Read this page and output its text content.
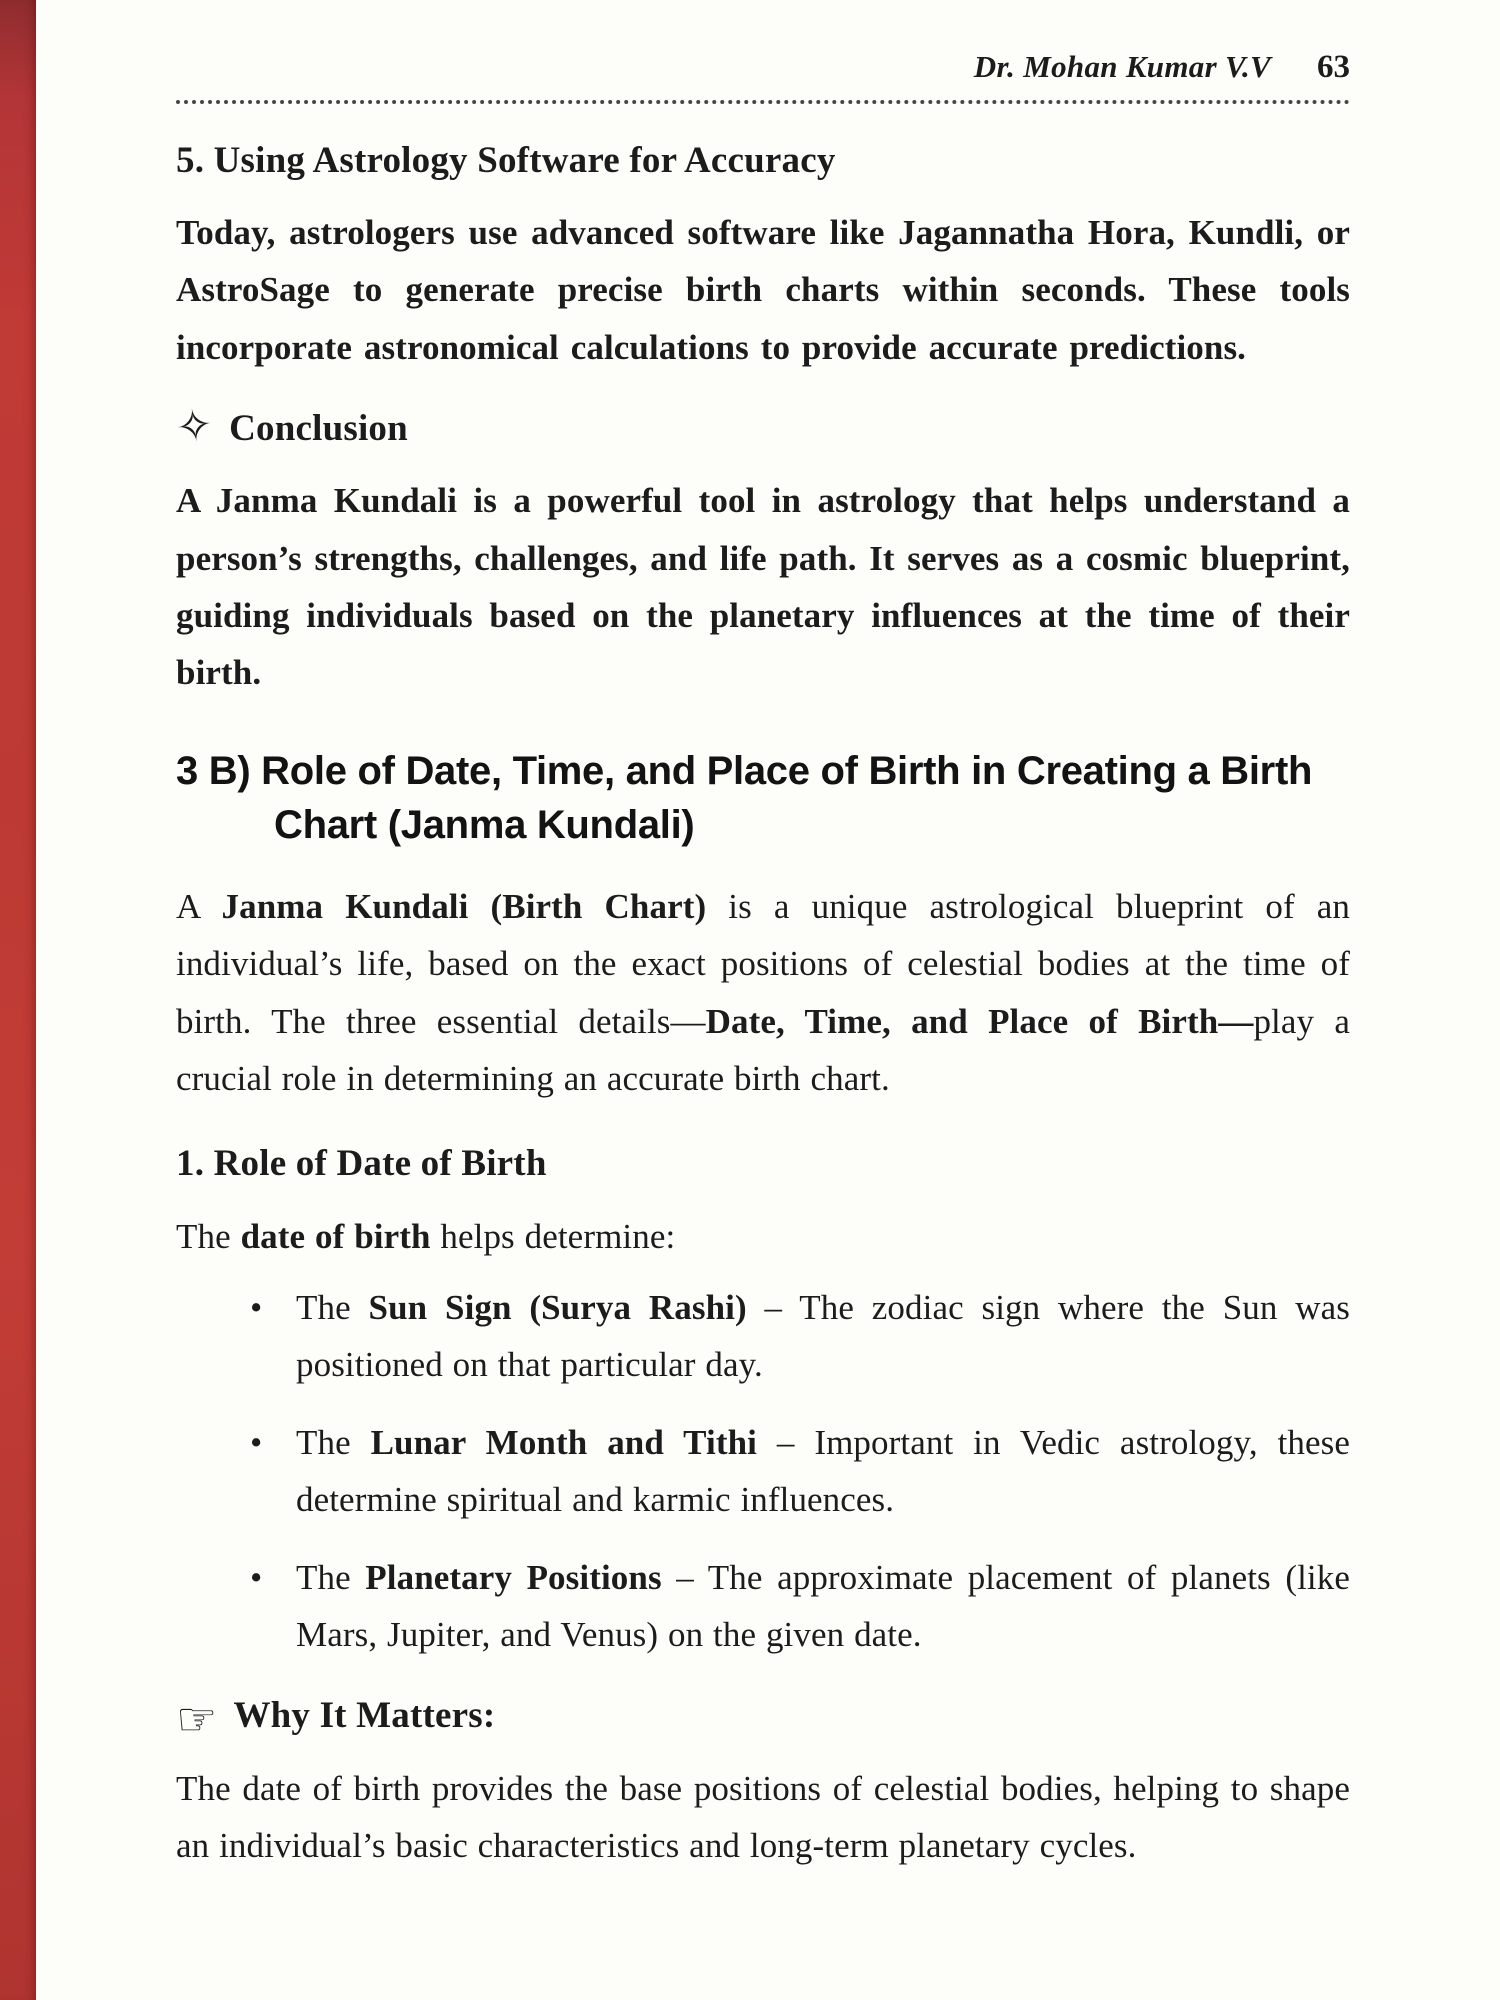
Dr. Mohan Kumar V.V 63
5. Using Astrology Software for Accuracy

Today, astrologers use advanced software like Jagannatha Hora, Kundli, or AstroSage to generate precise birth charts within seconds. These tools incorporate astronomical calculations to provide accurate predictions.

✧ Conclusion

A Janma Kundali is a powerful tool in astrology that helps understand a person’s strengths, challenges, and life path. It serves as a cosmic blueprint, guiding individuals based on the planetary influences at the time of their birth.

3 B) Role of Date, Time, and Place of Birth in Creating a Birth Chart (Janma Kundali)

A Janma Kundali (Birth Chart) is a unique astrological blueprint of an individual’s life, based on the exact positions of celestial bodies at the time of birth. The three essential details—Date, Time, and Place of Birth—play a crucial role in determining an accurate birth chart.

1. Role of Date of Birth

The date of birth helps determine:

• The Sun Sign (Surya Rashi) – The zodiac sign where the Sun was positioned on that particular day.
• The Lunar Month and Tithi – Important in Vedic astrology, these determine spiritual and karmic influences.
• The Planetary Positions – The approximate placement of planets (like Mars, Jupiter, and Venus) on the given date.
☞ Why It Matters:

The date of birth provides the base positions of celestial bodies, helping to shape an individual’s basic characteristics and long-term planetary cycles.
